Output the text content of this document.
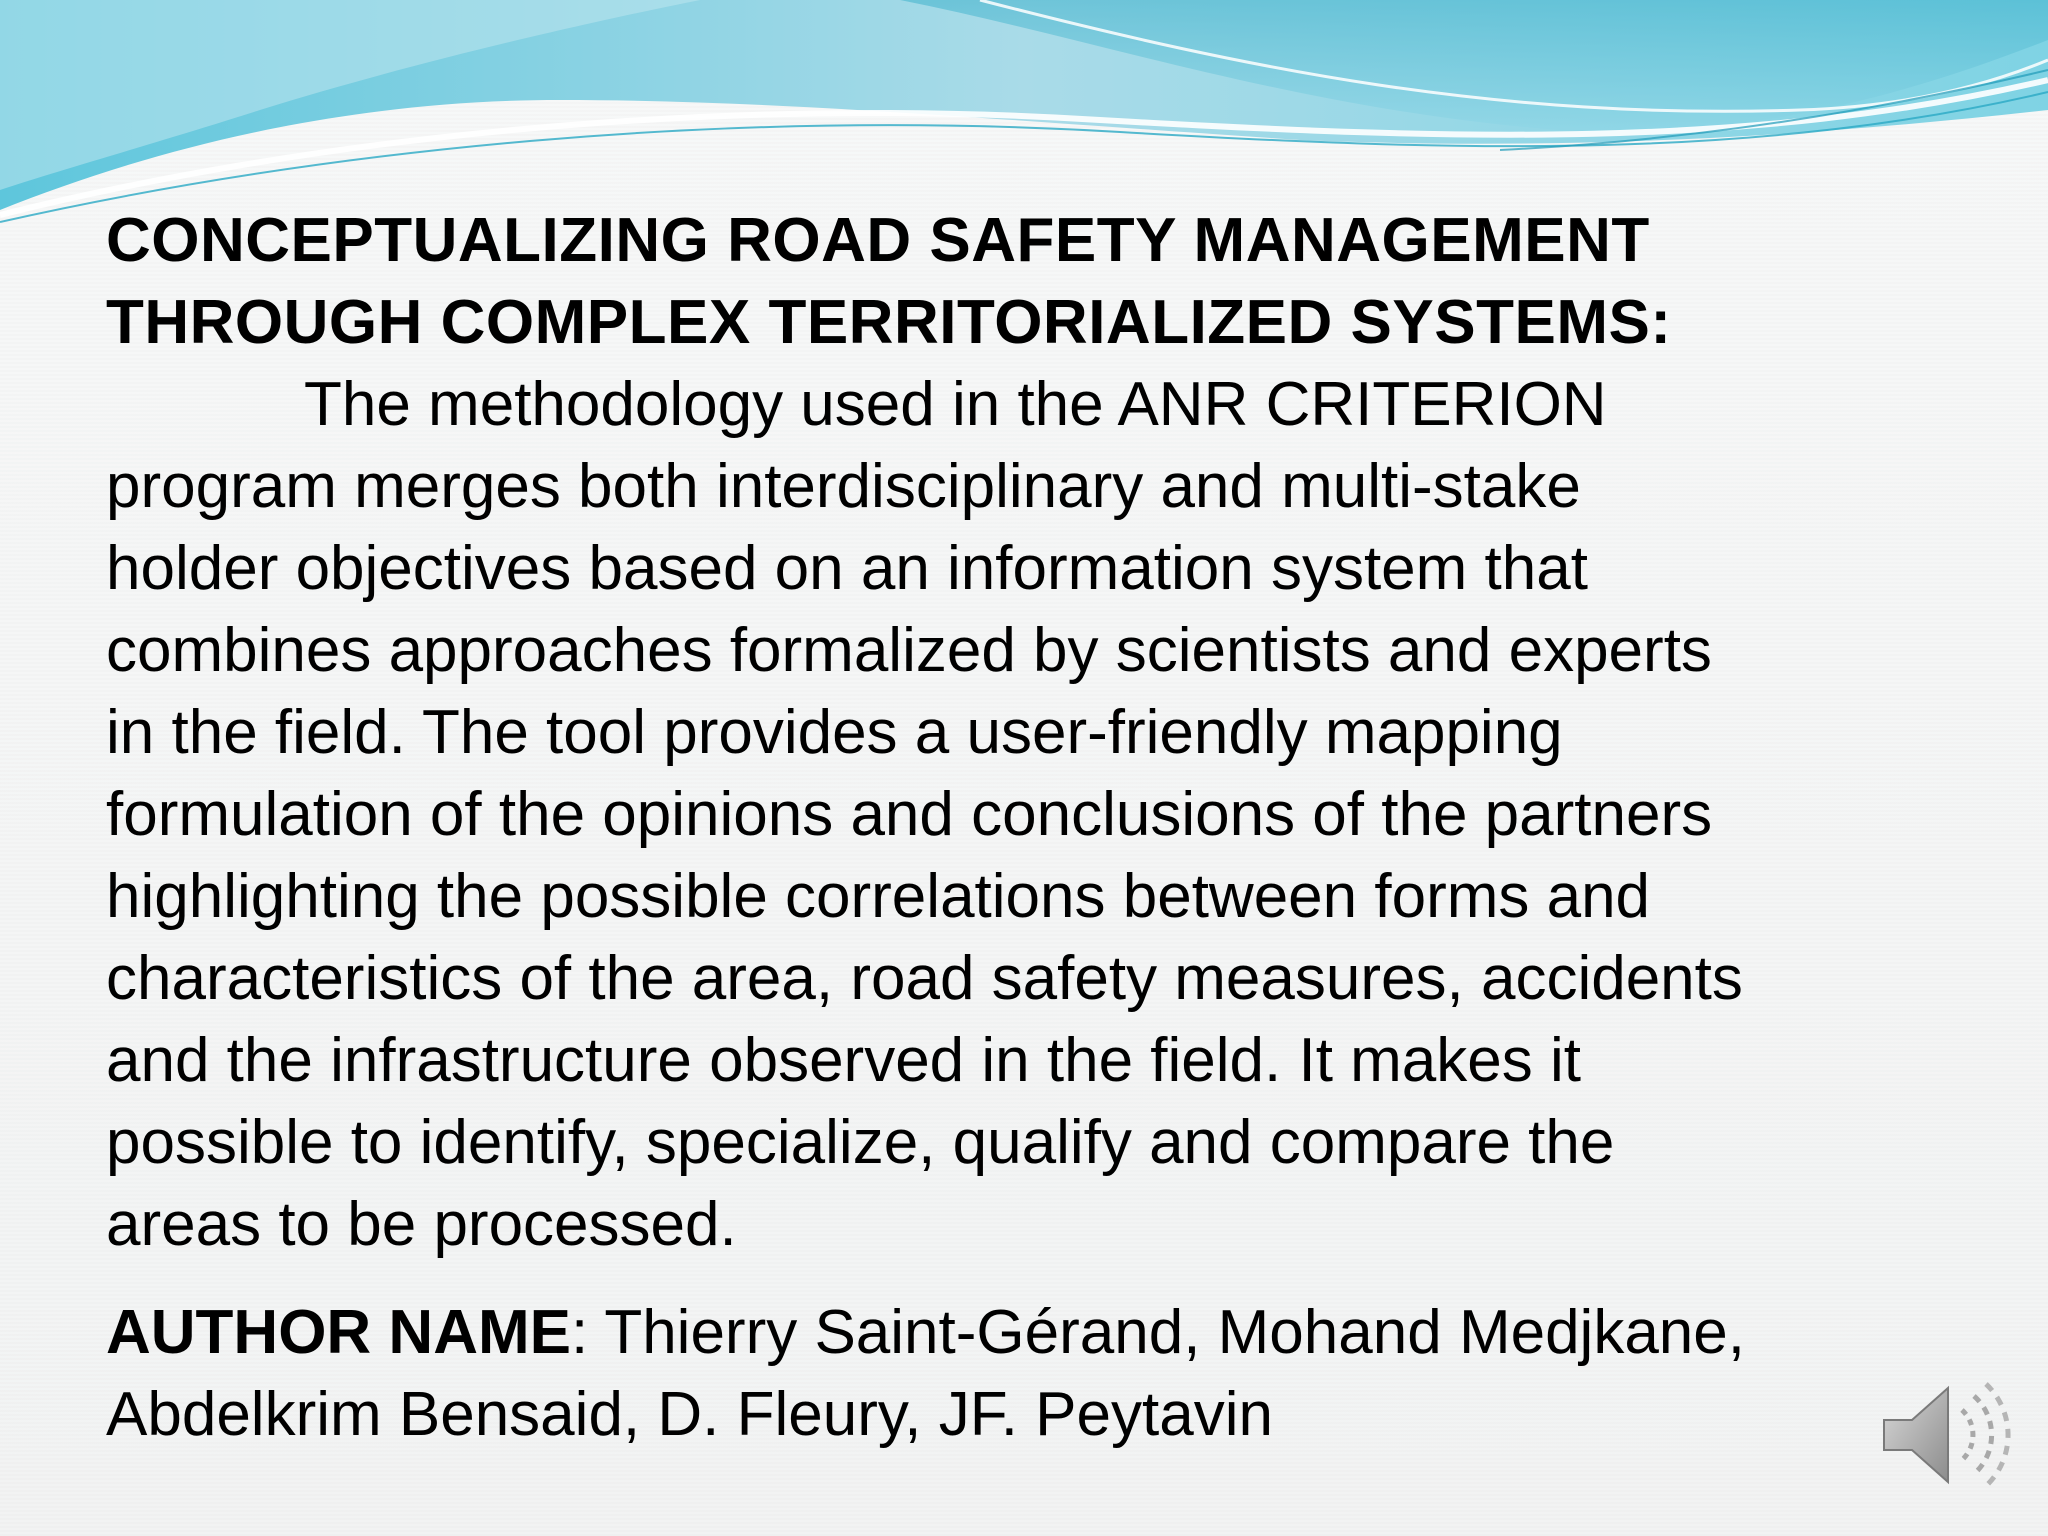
CONCEPTUALIZING ROAD SAFETY MANAGEMENT
THROUGH COMPLEX TERRITORIALIZED SYSTEMS:

The methodology used in the ANR CRITERION
program merges both interdisciplinary and multi-stake
holder objectives based on an information system that
combines approaches formalized by scientists and experts
in the field. The tool provides a user-friendly mapping
formulation of the opinions and conclusions of the partners
highlighting the possible correlations between forms and
characteristics of the area, road safety measures, accidents
and the infrastructure observed in the field. It makes it
possible to identify, specialize, qualify and compare the
areas to be processed.

AUTHOR NAME: Thierry Saint-Gérand, Mohand Medjkane,
Abdelkrim Bensaid, D. Fleury, JF. Peytavin
